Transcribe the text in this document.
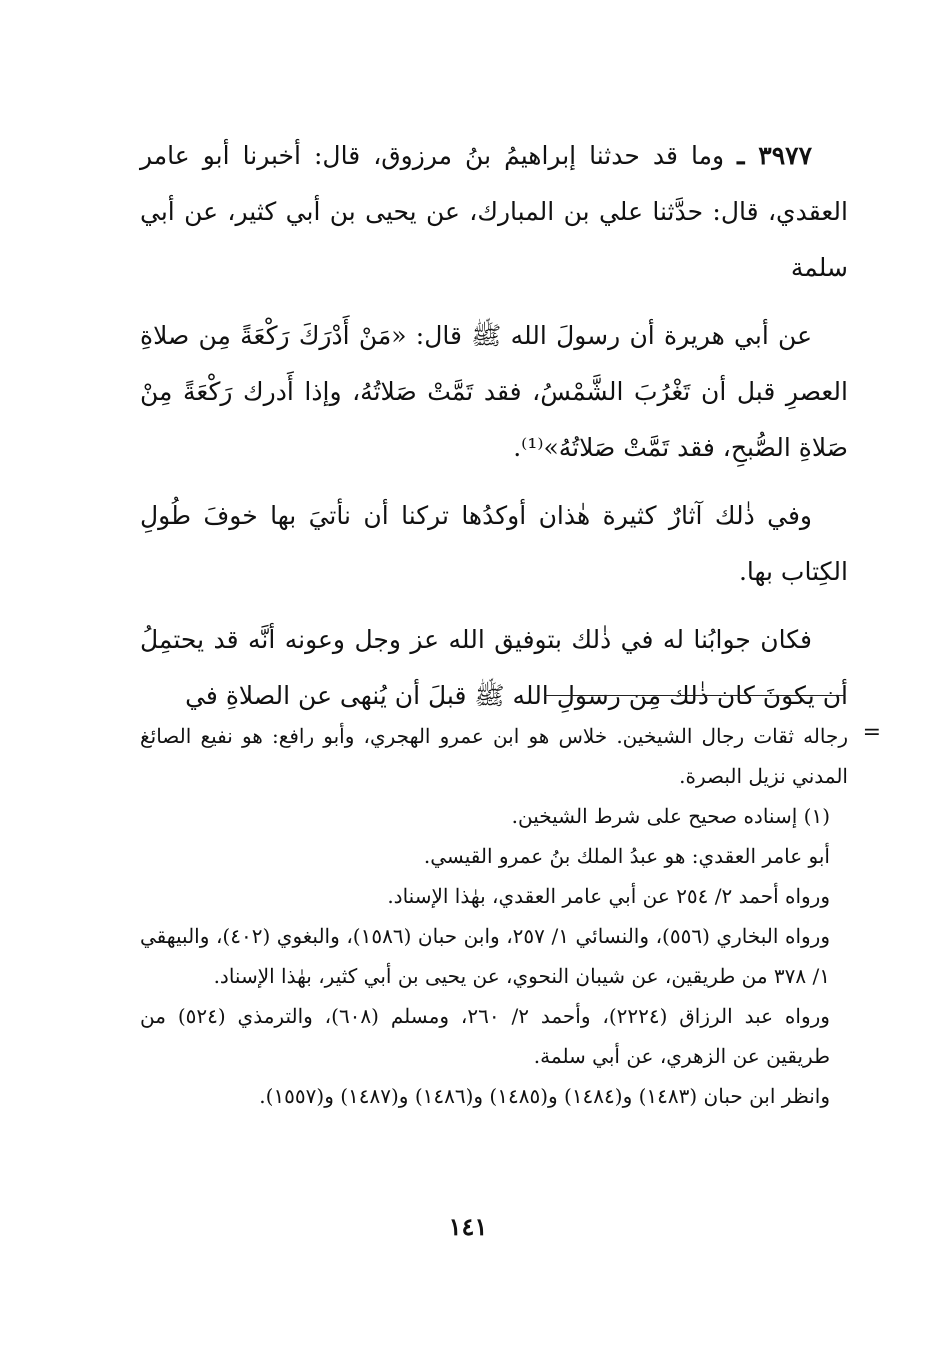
٣٩٧٧ ـ وما قد حدثنا إبراهيمُ بنُ مرزوق، قال: أخبرنا أبو عامر العقدي، قال: حدَّثنا علي بن المبارك، عن يحيى بن أبي كثير، عن أبي سلمة

عن أبي هريرة أن رسولَ الله ﷺ قال: «مَنْ أَدْرَكَ رَكْعَةً مِن صلاةِ العصرِ قبل أن تَغْرُبَ الشَّمْسُ، فقد تَمَّتْ صَلاتُهُ، وإذا أَدرك رَكْعَةً مِنْ صَلاةِ الصُّبحِ، فقد تَمَّتْ صَلاتُهُ»⁽¹⁾.

وفي ذٰلك آثارٌ كثيرة هٰذان أوكدُها تركنا أن نأتيَ بها خوفَ طُولِ الكِتاب بها.

فكان جوابُنا له في ذٰلك بتوفيق الله عز وجل وعونه أنَّه قد يحتمِلُ أن يكونَ كان ذٰلك مِن رسولِ الله ﷺ قبلَ أن يُنهى عن الصلاةِ في

=

رجاله ثقات رجال الشيخين. خلاس هو ابن عمرو الهجري، وأبو رافع: هو نفيع الصائغ المدني نزيل البصرة.

(١) إسناده صحيح على شرط الشيخين.

أبو عامر العقدي: هو عبدُ الملك بنُ عمرو القيسي.

ورواه أحمد ٢/ ٢٥٤ عن أبي عامر العقدي، بهٰذا الإسناد.

ورواه البخاري (٥٥٦)، والنسائي ١/ ٢٥٧، وابن حبان (١٥٨٦)، والبغوي (٤٠٢)، والبيهقي ١/ ٣٧٨ من طريقين، عن شيبان النحوي، عن يحيى بن أبي كثير، بهٰذا الإسناد.

ورواه عبد الرزاق (٢٢٢٤)، وأحمد ٢/ ٢٦٠، ومسلم (٦٠٨)، والترمذي (٥٢٤) من طريقين عن الزهري، عن أبي سلمة.

وانظر ابن حبان (١٤٨٣) و(١٤٨٤) و(١٤٨٥) و(١٤٨٦) و(١٤٨٧) و(١٥٥٧).

١٤١
